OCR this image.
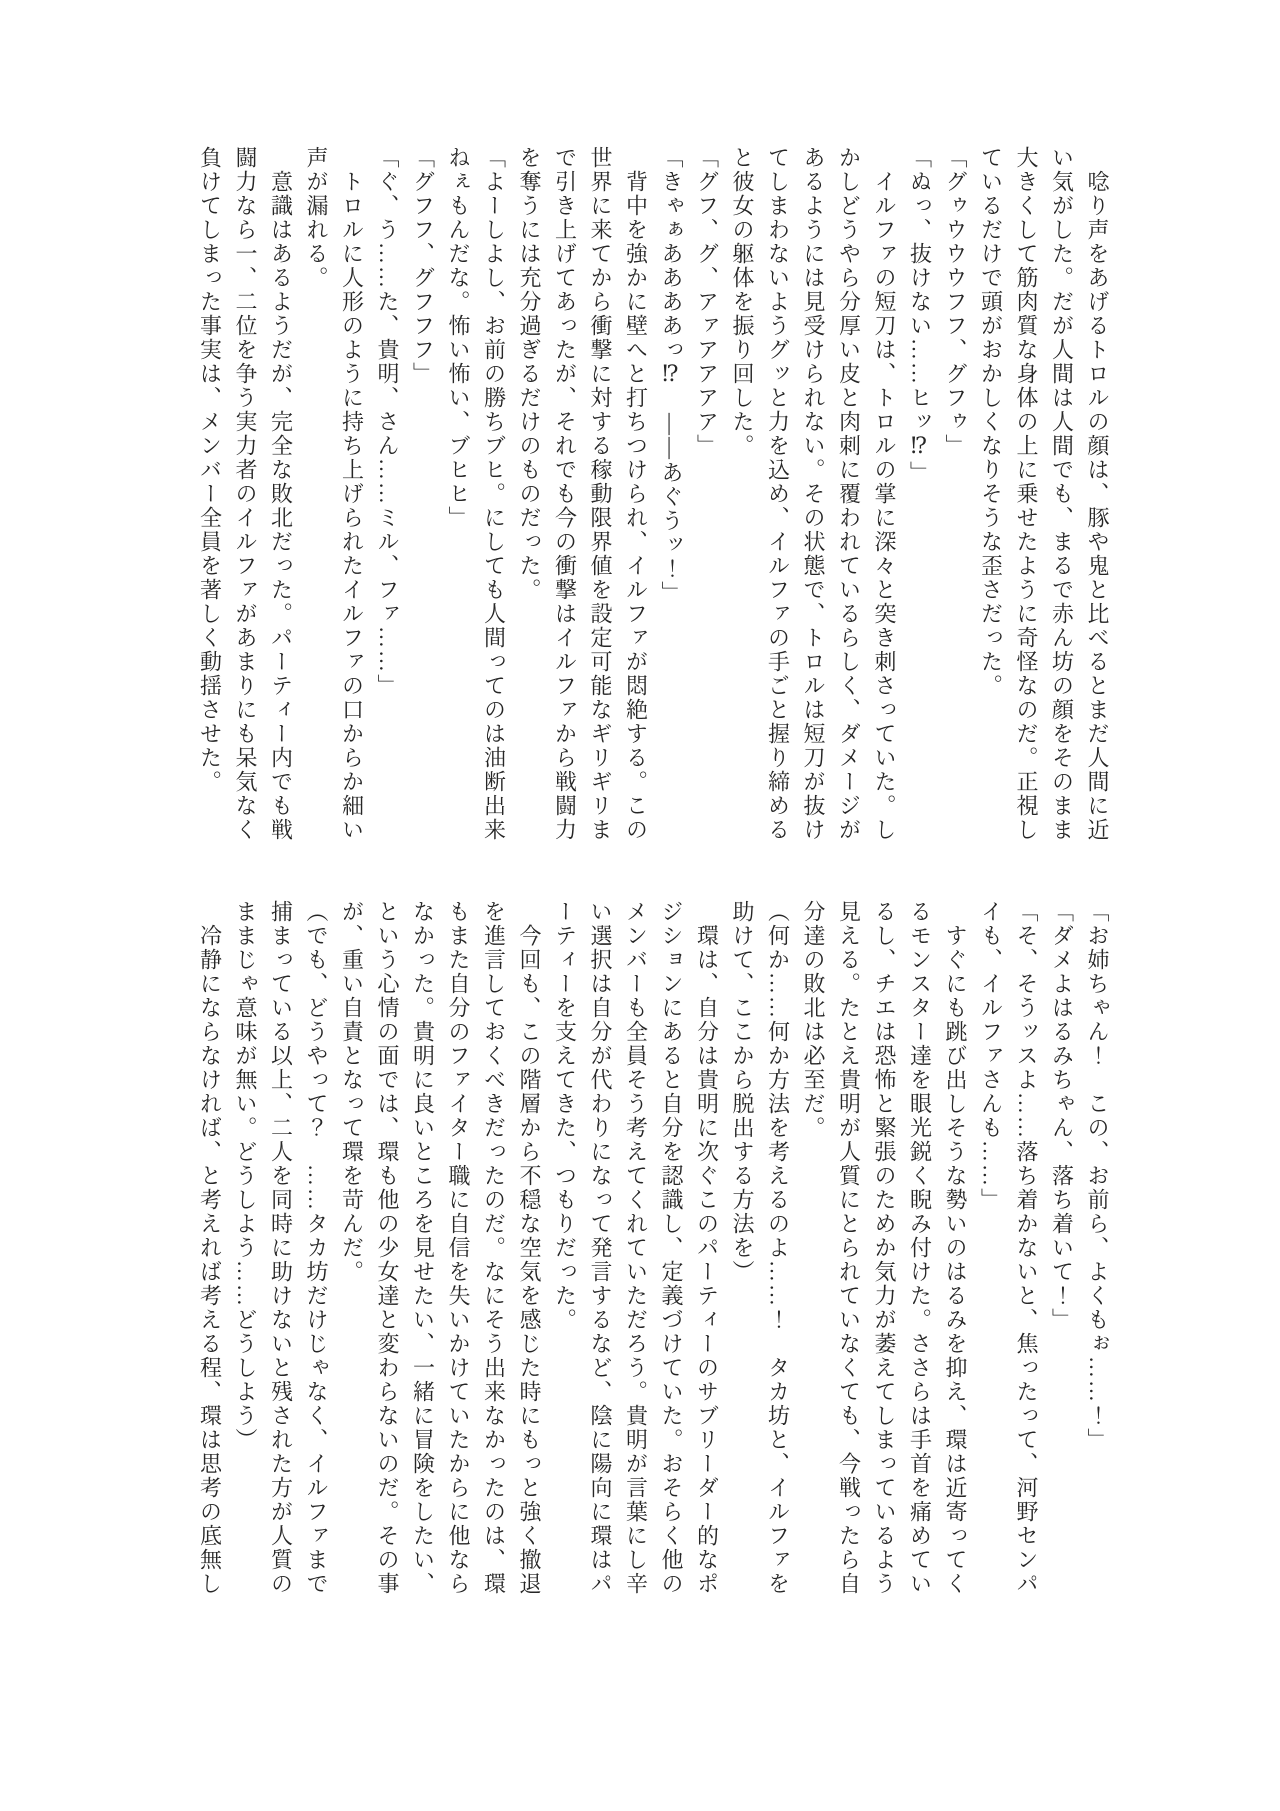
　唸り声をあげるトロルの顔は、豚や鬼と比べるとまだ人間に近

い気がした。だが人間は人間でも、まるで赤ん坊の顔をそのまま

大きくして筋肉質な身体の上に乗せたように奇怪なのだ。正視し

ているだけで頭がおかしくなりそうな歪さだった。

「グゥウウウフフ、グフゥ」

「ぬっ、抜けない……ヒッ⁉」

　イルファの短刀は、トロルの掌に深々と突き刺さっていた。し

かしどうやら分厚い皮と肉刺に覆われているらしく、ダメージが

あるようには見受けられない。その状態で、トロルは短刀が抜け

てしまわないようグッと力を込め、イルファの手ごと握り締める

と彼女の躯体を振り回した。

「グフ、グ、アァアアアア」

「きゃぁああああっ⁉　――あぐうッ！」

　背中を強かに壁へと打ちつけられ、イルファが悶絶する。この

世界に来てから衝撃に対する稼動限界値を設定可能なギリギリま

で引き上げてあったが、それでも今の衝撃はイルファから戦闘力

を奪うには充分過ぎるだけのものだった。

「よーしよし、お前の勝ちブヒ。にしても人間ってのは油断出来

ねぇもんだな。怖い怖い、ブヒヒ」

「グフフ、グフフフ」

「ぐ、う……た、貴明、さん……ミル、ファ……」

　トロルに人形のように持ち上げられたイルファの口からか細い

声が漏れる。

　意識はあるようだが、完全な敗北だった。パーティー内でも戦

闘力なら一、二位を争う実力者のイルファがあまりにも呆気なく

負けてしまった事実は、メンバー全員を著しく動揺させた。

「お姉ちゃん！　この、お前ら、よくもぉ……！」

「ダメよはるみちゃん、落ち着いて！」

「そ、そうッスよ……落ち着かないと、焦ったって、河野センパ

イも、イルファさんも……」

　すぐにも跳び出しそうな勢いのはるみを抑え、環は近寄ってく

るモンスター達を眼光鋭く睨み付けた。ささらは手首を痛めてい

るし、チエは恐怖と緊張のためか気力が萎えてしまっているよう

見える。たとえ貴明が人質にとられていなくても、今戦ったら自

分達の敗北は必至だ。

（何か……何か方法を考えるのよ……！　タカ坊と、イルファを

助けて、ここから脱出する方法を）

　環は、自分は貴明に次ぐこのパーティーのサブリーダー的なポ

ジションにあると自分を認識し、定義づけていた。おそらく他の

メンバーも全員そう考えてくれていただろう。貴明が言葉にし辛

い選択は自分が代わりになって発言するなど、陰に陽向に環はパ

ーティーを支えてきた、つもりだった。

　今回も、この階層から不穏な空気を感じた時にもっと強く撤退

を進言しておくべきだったのだ。なにそう出来なかったのは、環

もまた自分のファイター職に自信を失いかけていたからに他なら

なかった。貴明に良いところを見せたい、一緒に冒険をしたい、

という心情の面では、環も他の少女達と変わらないのだ。その事

が、重い自責となって環を苛んだ。

（でも、どうやって？　……タカ坊だけじゃなく、イルファまで

捕まっている以上、二人を同時に助けないと残された方が人質の

ままじゃ意味が無い。どうしよう……どうしよう）

　冷静にならなければ、と考えれば考える程、環は思考の底無し
